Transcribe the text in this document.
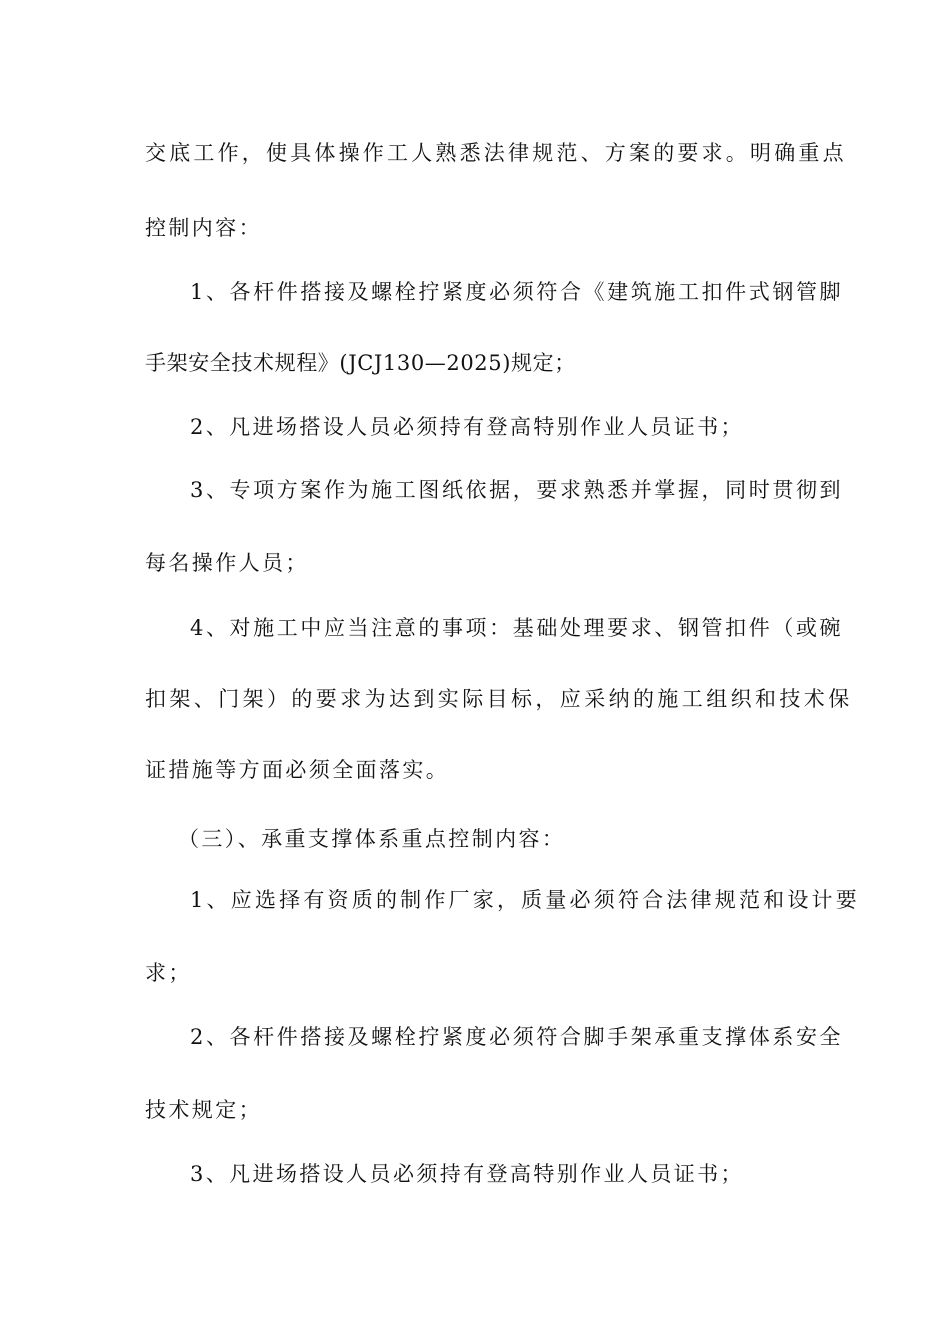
交底工作，使具体操作工人熟悉法律规范、方案的要求。明确重点
控制内容：
1、各杆件搭接及螺栓拧紧度必须符合《建筑施工扣件式钢管脚
手架安全技术规程》(JCJ130—2025)规定；
2、凡进场搭设人员必须持有登高特别作业人员证书；
3、专项方案作为施工图纸依据，要求熟悉并掌握，同时贯彻到
每名操作人员；
4、对施工中应当注意的事项：基础处理要求、钢管扣件（或碗
扣架、门架）的要求为达到实际目标，应采纳的施工组织和技术保
证措施等方面必须全面落实。
（三）、承重支撑体系重点控制内容：
1、应选择有资质的制作厂家，质量必须符合法律规范和设计要
求；
2、各杆件搭接及螺栓拧紧度必须符合脚手架承重支撑体系安全
技术规定；
3、凡进场搭设人员必须持有登高特别作业人员证书；
